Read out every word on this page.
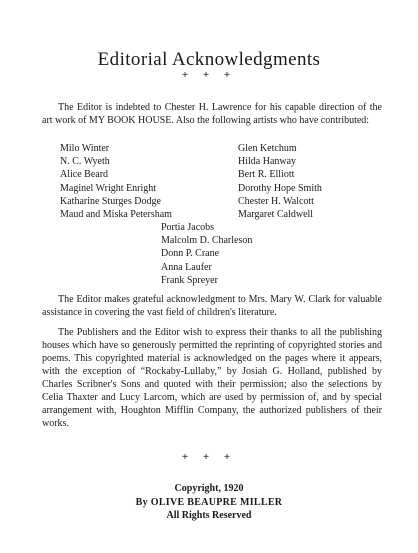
Editorial Acknowledgments
+ + +

The Editor is indebted to Chester H. Lawrence for his capable direction of the art work of MY BOOK HOUSE. Also the following artists who have contributed:

Milo Winter
N. C. Wyeth
Alice Beard
Maginel Wright Enright
Katharine Sturges Dodge
Maud and Miska Petersham
Glen Ketchum
Hilda Hanway
Bert R. Elliott
Dorothy Hope Smith
Chester H. Walcott
Margaret Caldwell
Portia Jacobs
Malcolm D. Charleson
Donn P. Crane
Anna Laufer
Frank Spreyer

The Editor makes grateful acknowledgment to Mrs. Mary W. Clark for valuable assistance in covering the vast field of children's literature.

The Publishers and the Editor wish to express their thanks to all the publishing houses which have so generously permitted the reprinting of copyrighted stories and poems. This copyrighted material is acknowledged on the pages where it appears, with the exception of “Rockaby-Lullaby,” by Josiah G. Holland, published by Charles Scribner's Sons and quoted with their permission; also the selections by Celia Thaxter and Lucy Larcom, which are used by permission of, and by special arrangement with, Houghton Mifflin Company, the authorized publishers of their works.

+ + +
Copyright, 1920
By OLIVE BEAUPRE MILLER
All Rights Reserved
